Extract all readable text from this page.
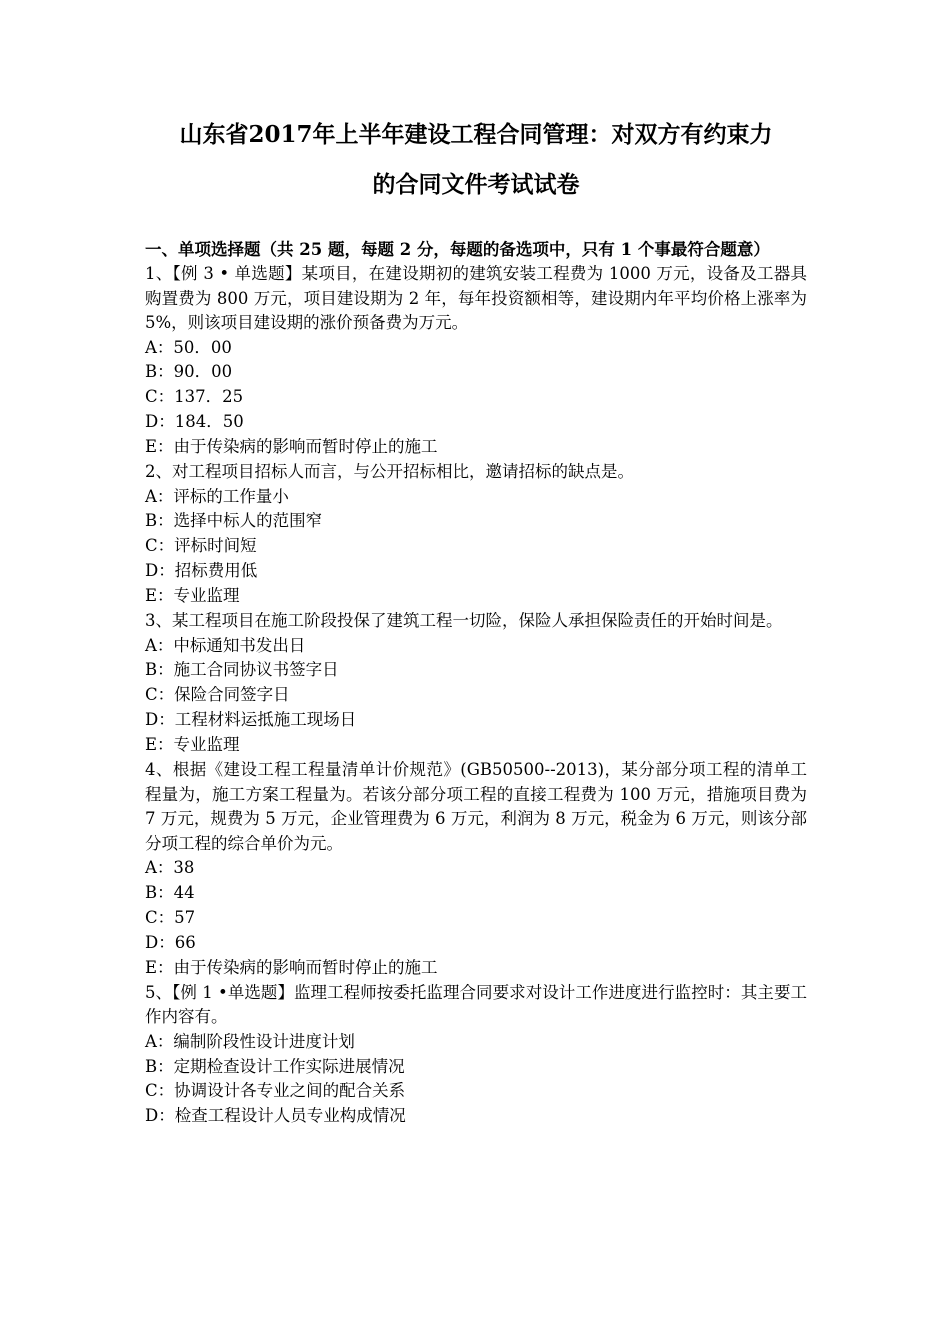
山东省2017年上半年建设工程合同管理：对双方有约束力
的合同文件考试试卷

一、单项选择题（共 25 题，每题 2 分，每题的备选项中，只有 1 个事最符合题意）

1、【例 3 • 单选题】某项目，在建设期初的建筑安装工程费为 1000 万元，设备及工器具购置费为 800 万元，项目建设期为 2 年，每年投资额相等，建设期内年平均价格上涨率为 5%，则该项目建设期的涨价预备费为万元。

A：50．00
B：90．00
C：137．25
D：184．50
E：由于传染病的影响而暂时停止的施工

2、对工程项目招标人而言，与公开招标相比，邀请招标的缺点是。

A：评标的工作量小
B：选择中标人的范围窄
C：评标时间短
D：招标费用低
E：专业监理

3、某工程项目在施工阶段投保了建筑工程一切险，保险人承担保险责任的开始时间是。

A：中标通知书发出日
B：施工合同协议书签字日
C：保险合同签字日
D：工程材料运抵施工现场日
E：专业监理

4、根据《建设工程工程量清单计价规范》(GB50500--2013)，某分部分项工程的清单工程量为，施工方案工程量为。若该分部分项工程的直接工程费为 100 万元，措施项目费为 7 万元，规费为 5 万元，企业管理费为 6 万元，利润为 8 万元，税金为 6 万元，则该分部分项工程的综合单价为元。

A：38
B：44
C：57
D：66
E：由于传染病的影响而暂时停止的施工

5、【例 1 •单选题】监理工程师按委托监理合同要求对设计工作进度进行监控时：其主要工作内容有。

A：编制阶段性设计进度计划
B：定期检查设计工作实际进展情况
C：协调设计各专业之间的配合关系
D：检查工程设计人员专业构成情况
